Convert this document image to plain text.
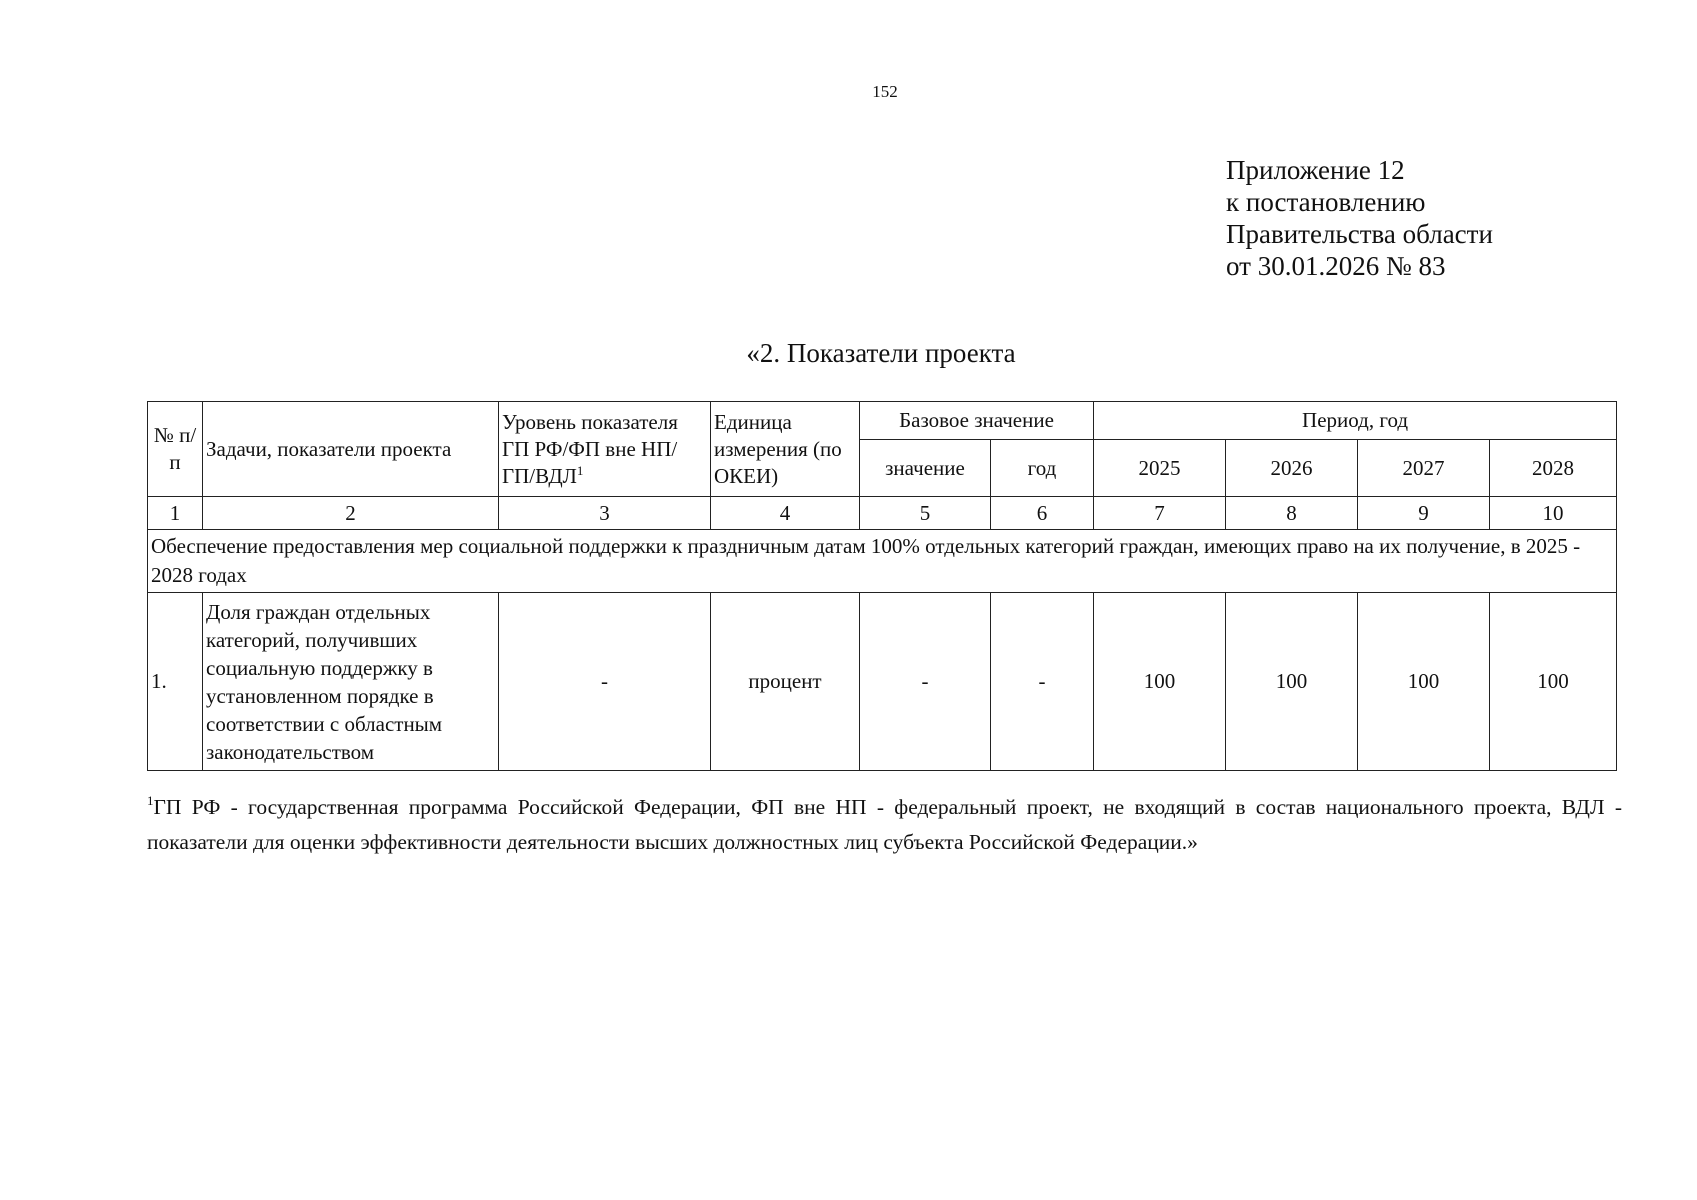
152
Приложение 12
к постановлению
Правительства области
от 30.01.2026 № 83
«2. Показатели проекта
№ п/п	Задачи, показатели проекта	Уровень показателя ГП РФ/ФП вне НП/ГП/ВДЛ$^1$	Единица измерения (по ОКЕИ)	Базовое значение		Период, год			
				значение	год	2025	2026	2027	2028
1	2	3	4	5	6	7	8	9	10
Обеспечение предоставления мер социальной поддержки к праздничным датам 100% отдельных категорий граждан, имеющих право на их получение, в 2025 - 2028 годах									
1.	Доля граждан отдельных категорий, получивших социальную поддержку в установленном порядке в соответствии с областным законодательством	-	процент	-	-	100	100	100	100
$^1$ГП РФ - государственная программа Российской Федерации, ФП вне НП - федеральный проект, не входящий в состав национального проекта, ВДЛ - показатели для оценки эффективности деятельности высших должностных лиц субъекта Российской Федерации.»
